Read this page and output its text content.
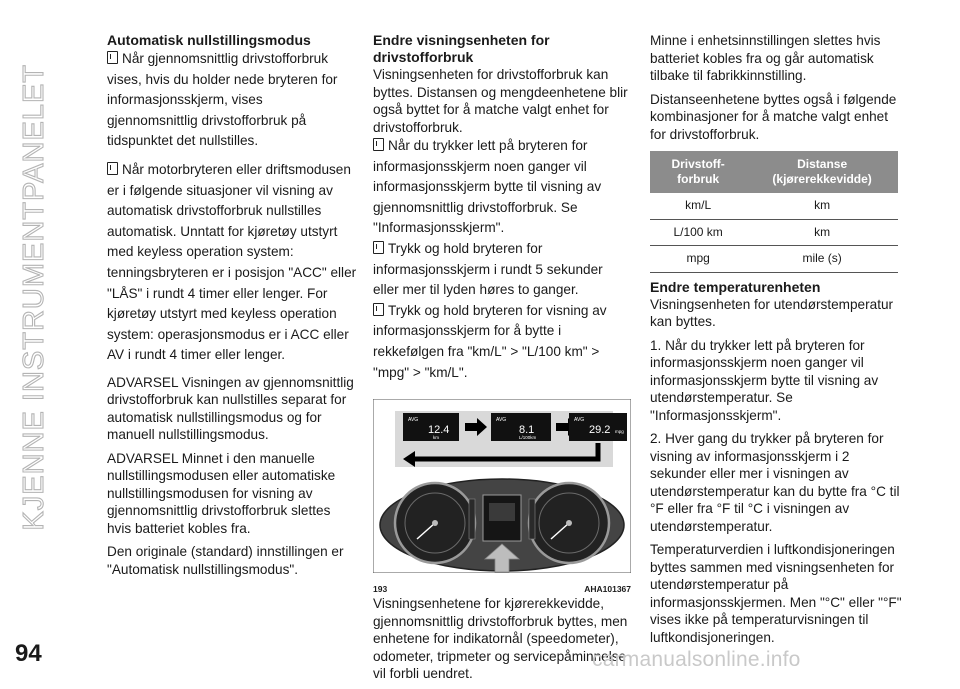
KJENNE INSTRUMENTPANELET
Automatisk nullstillingsmodus

Når gjennomsnittlig drivstofforbruk vises, hvis du holder nede bryteren for informasjonsskjerm, vises gjennomsnittlig drivstofforbruk på tidspunktet det nullstilles.

Når motorbryteren eller driftsmodusen er i følgende situasjoner vil visning av automatisk drivstofforbruk nullstilles automatisk. Unntatt for kjøretøy utstyrt med keyless operation system: tenningsbryteren er i posisjon "ACC" eller "LÅS" i rundt 4 timer eller lenger. For kjøretøy utstyrt med keyless operation system: operasjonsmodus er i ACC eller AV i rundt 4 timer eller lenger.

ADVARSEL Visningen av gjennomsnittlig drivstofforbruk kan nullstilles separat for automatisk nullstillingsmodus og for manuell nullstillingsmodus.

ADVARSEL Minnet i den manuelle nullstillingsmodusen eller automatiske nullstillingsmodusen for visning av gjennomsnittlig drivstofforbruk slettes hvis batteriet kobles fra.

Den originale (standard) innstillingen er "Automatisk nullstillingsmodus".

Endre visningsenheten for drivstofforbruk

Visningsenheten for drivstofforbruk kan byttes. Distansen og mengdeenhetene blir også byttet for å matche valgt enhet for drivstofforbruk.

Når du trykker lett på bryteren for informasjonsskjerm noen ganger vil informasjonsskjerm bytte til visning av gjennomsnittlig drivstofforbruk. Se "Informasjonsskjerm".

Trykk og hold bryteren for informasjonsskjerm i rundt 5 sekunder eller mer til lyden høres to ganger.

Trykk og hold bryteren for visning av informasjonsskjerm for å bytte i rekkefølgen fra "km/L" > "L/100 km" > "mpg" > "km/L".

AVG
12.4
km
AVG
8.1
L/100km
AVG
29.2 mpg
193	AHA101367

Visningsenhetene for kjørerekkevidde, gjennomsnittlig drivstofforbruk byttes, men enhetene for indikatornål (speedometer), odometer, tripmeter og servicepåminnelse vil forbli uendret.

Minne i enhetsinnstillingen slettes hvis batteriet kobles fra og går automatisk tilbake til fabrikkinnstilling.

Distanseenhetene byttes også i følgende kombinasjoner for å matche valgt enhet for drivstofforbruk.

Drivstoff-forbruk	Distanse (kjørerekkevidde)
km/L	km
L/100 km	km
mpg	mile (s)
Endre temperaturenheten

Visningsenheten for utendørstemperatur kan byttes.

1. Når du trykker lett på bryteren for informasjonsskjerm noen ganger vil informasjonsskjerm bytte til visning av utendørstemperatur. Se "Informasjonsskjerm".

2. Hver gang du trykker på bryteren for visning av informasjonsskjerm i 2 sekunder eller mer i visningen av utendørstemperatur kan du bytte fra °C til °F eller fra °F til °C i visningen av utendørstemperatur.

Temperaturverdien i luftkondisjoneringen byttes sammen med visningsenheten for utendørstemperatur på informasjonsskjermen. Men "°C" eller "°F" vises ikke på temperaturvisningen til luftkondisjoneringen.

94	carmanualsonline.info
